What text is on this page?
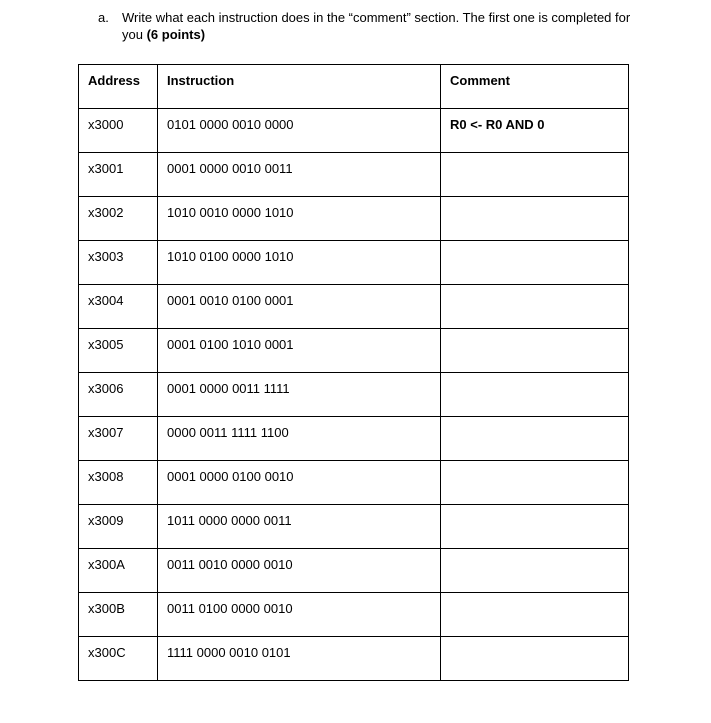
a.	Write what each instruction does in the “comment” section. The first one is completed for
you (6 points)
Address	Instruction	Comment
x3000	0101 0000 0010 0000	R0 <- R0 AND 0
x3001	0001 0000 0010 0011	
x3002	1010 0010 0000 1010	
x3003	1010 0100 0000 1010	
x3004	0001 0010 0100 0001	
x3005	0001 0100 1010 0001	
x3006	0001 0000 0011 1111	
x3007	0000 0011 1111 1100	
x3008	0001 0000 0100 0010	
x3009	1011 0000 0000 0011	
x300A	0011 0010 0000 0010	
x300B	0011 0100 0000 0010	
x300C	1111 0000 0010 0101	
